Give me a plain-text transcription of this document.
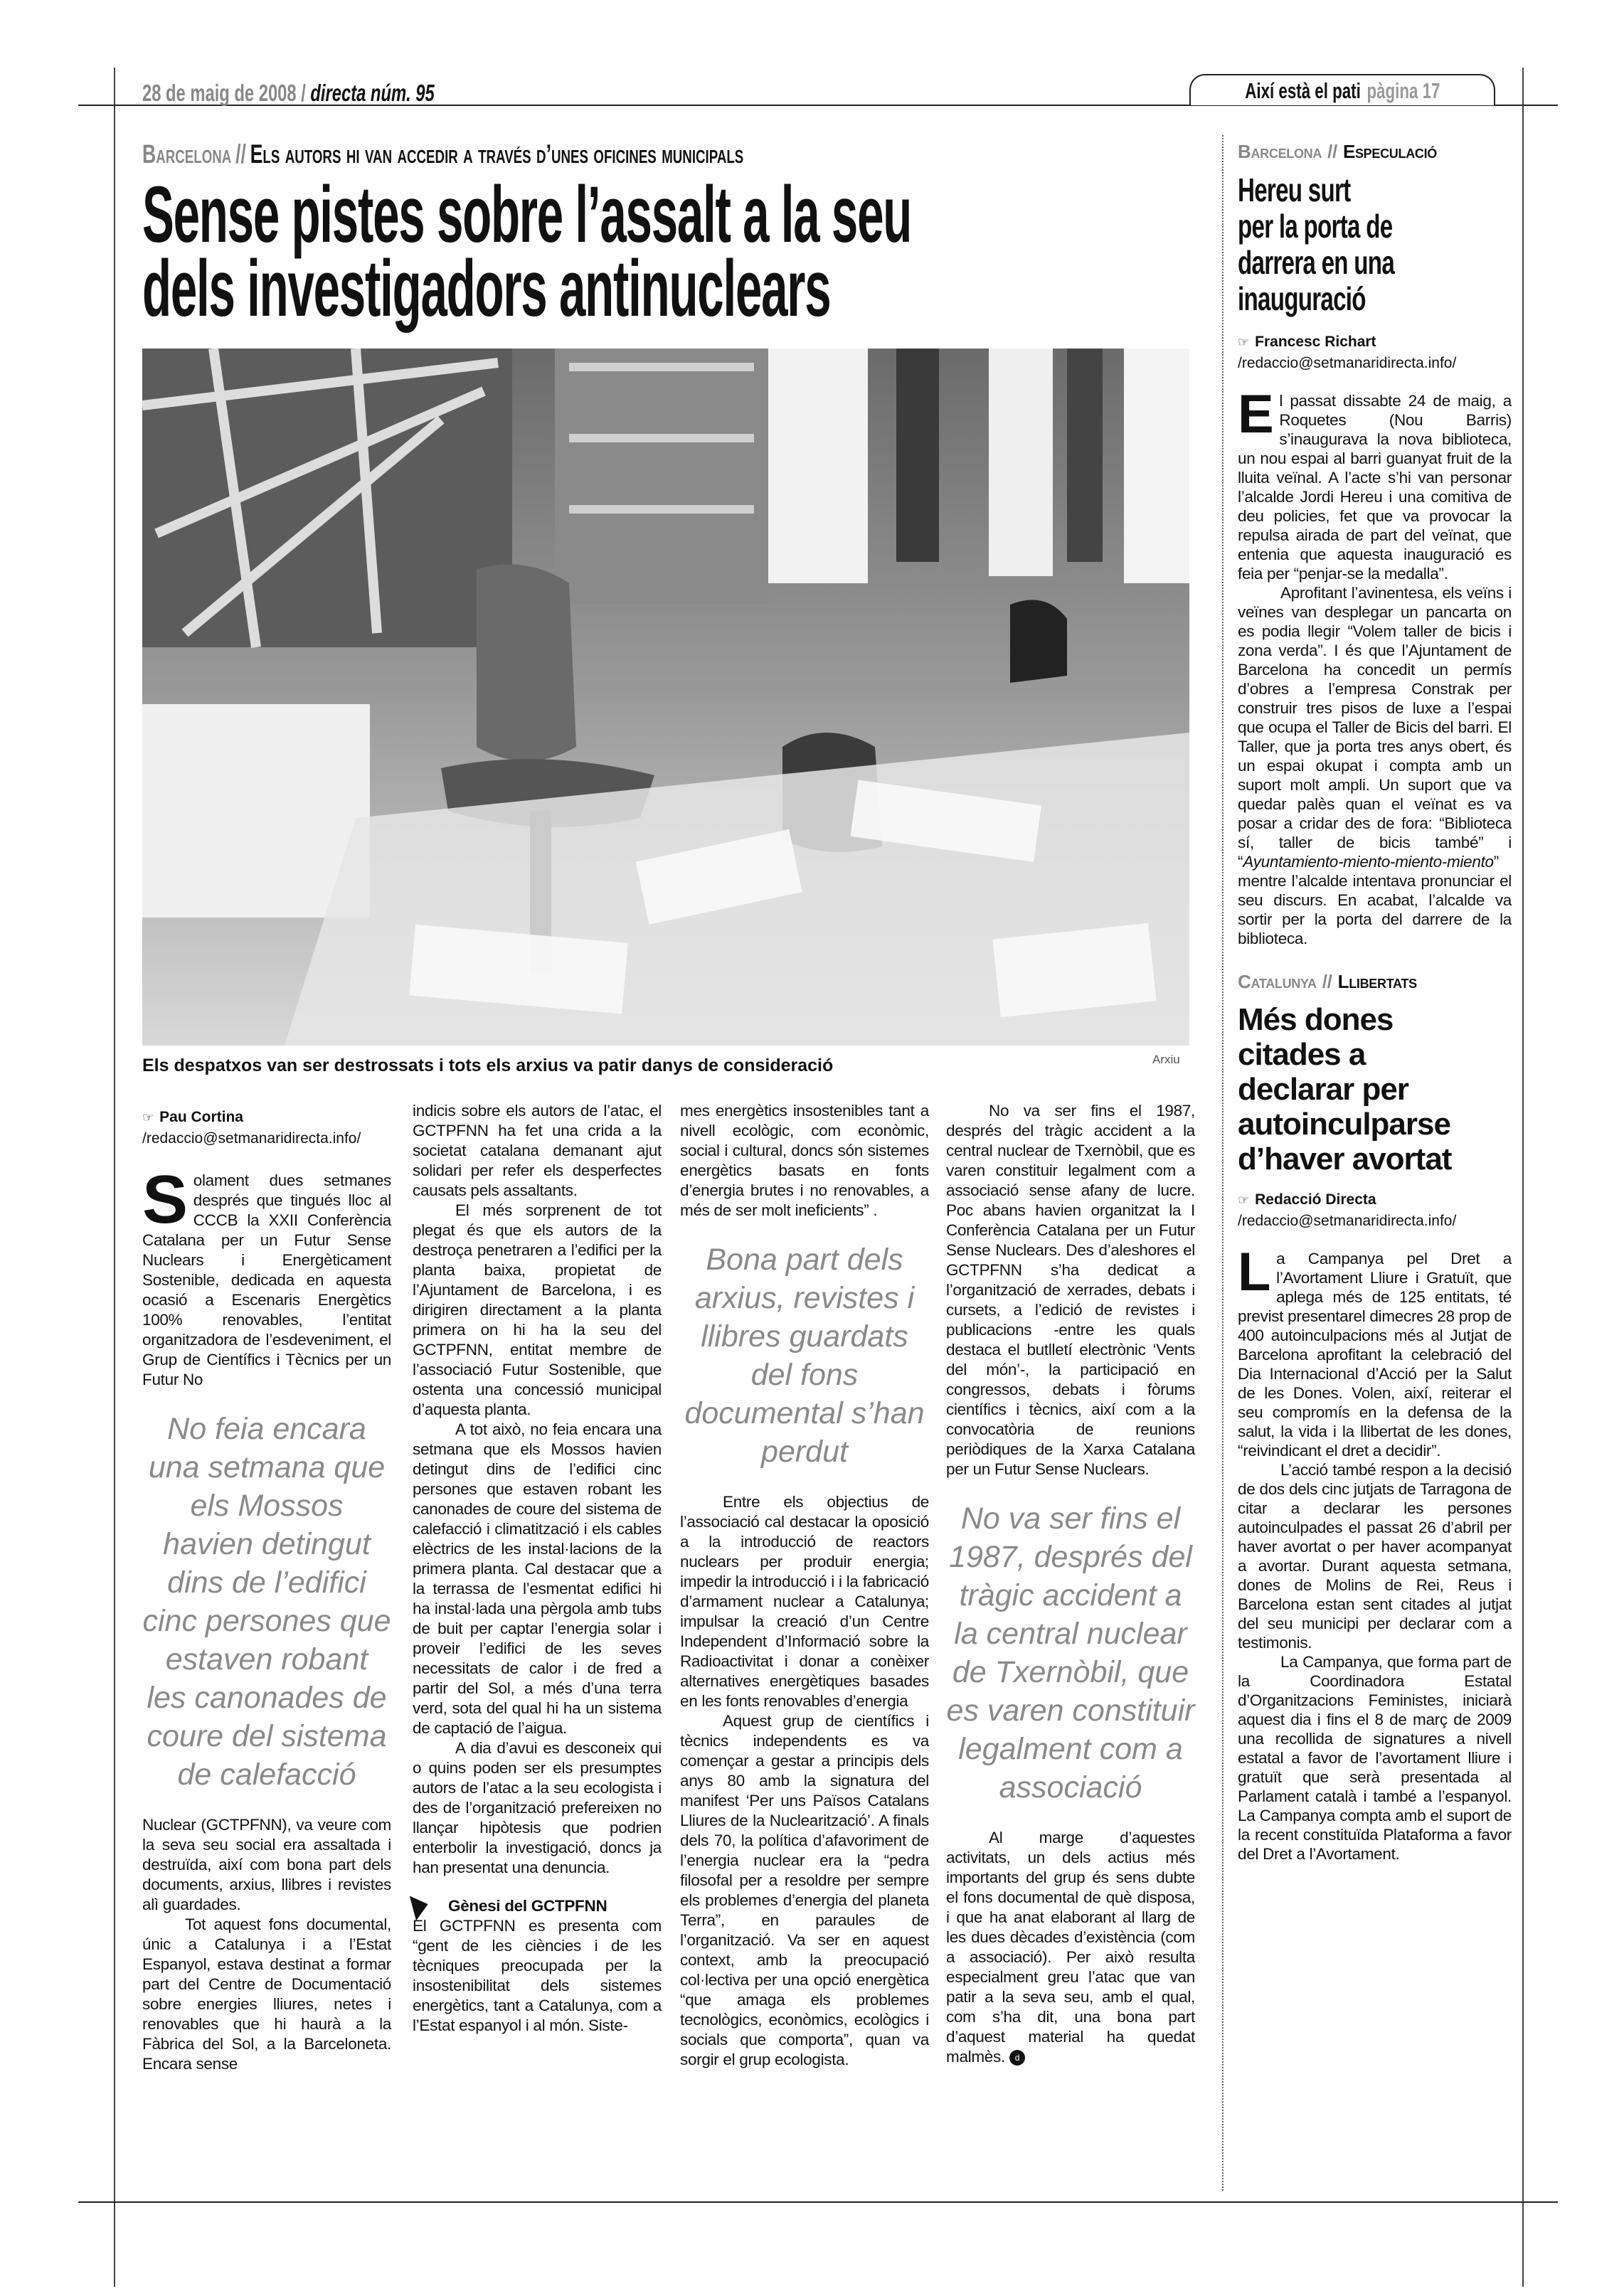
28 de maig de 2008 / directa núm. 95	Així està el pati pàgina 17
Barcelona // Els autors hi van accedir a través d’unes oficines municipals
Sense pistes sobre l’assalt a la seu
dels investigadors antinuclears
Els despatxos van ser destrossats i tots els arxius va patir danys de consideració	Arxiu
☞ Pau Cortina
/redaccio@setmanaridirecta.info/

Solament dues setmanes després que tingués lloc al CCCB la XXII Conferència Catalana per un Futur Sense Nuclears i Energèticament Sostenible, dedicada en aquesta ocasió a Escenaris Energètics 100% renovables, l’entitat organitzadora de l’esdeveniment, el Grup de Científics i Tècnics per un Futur No

No feia encara una setmana que els Mossos havien detingut dins de l’edifici cinc persones que estaven robant les canonades de coure del sistema de calefacció

Nuclear (GCTPFNN), va veure com la seva seu social era assaltada i destruïda, així com bona part dels documents, arxius, llibres i revistes alì guardades.

Tot aquest fons documental, únic a Catalunya i a l’Estat Espanyol, estava destinat a formar part del Centre de Documentació sobre energies lliures, netes i renovables que hi haurà a la Fàbrica del Sol, a la Barceloneta. Encara sense

indicis sobre els autors de l’atac, el GCTPFNN ha fet una crida a la societat catalana demanant ajut solidari per refer els desperfectes causats pels assaltants.

El més sorprenent de tot plegat és que els autors de la destroça penetraren a l’edifici per la planta baixa, propietat de l’Ajuntament de Barcelona, i es dirigiren directament a la planta primera on hi ha la seu del GCTPFNN, entitat membre de l’associació Futur Sostenible, que ostenta una concessió municipal d’aquesta planta.

A tot això, no feia encara una setmana que els Mossos havien detingut dins de l’edifici cinc persones que estaven robant les canonades de coure del sistema de calefacció i climatització i els cables elèctrics de les instal·lacions de la primera planta. Cal destacar que a la terrassa de l’esmentat edifici hi ha instal·lada una pèrgola amb tubs de buit per captar l’energia solar i proveir l’edifici de les seves necessitats de calor i de fred a partir del Sol, a més d’una terra verd, sota del qual hi ha un sistema de captació de l’aigua.

A dia d’avui es desconeix qui o quins poden ser els presumptes autors de l’atac a la seu ecologista i des de l’organització prefereixen no llançar hipòtesis que podrien enterbolir la investigació, doncs ja han presentat una denuncia.

Gènesi del GCTPFNN

El GCTPFNN es presenta com “gent de les ciències i de les tècniques preocupada per la insostenibilitat dels sistemes energètics, tant a Catalunya, com a l’Estat espanyol i al món. Siste-

mes energètics insostenibles tant a nivell ecològic, com econòmic, social i cultural, doncs són sistemes energètics basats en fonts d’energia brutes i no renovables, a més de ser molt ineficients” .

Bona part dels arxius, revistes i llibres guardats del fons documental s’han perdut

Entre els objectius de l’associació cal destacar la oposició a la introducció de reactors nuclears per produir energia; impedir la introducció i i la fabricació d’armament nuclear a Catalunya; impulsar la creació d’un Centre Independent d’Informació sobre la Radioactivitat i donar a conèixer alternatives energètiques basades en les fonts renovables d’energia

Aquest grup de científics i tècnics independents es va començar a gestar a principis dels anys 80 amb la signatura del manifest ‘Per uns Països Catalans Lliures de la Nuclearització’. A finals dels 70, la política d’afavoriment de l’energia nuclear era la “pedra filosofal per a resoldre per sempre els problemes d’energia del planeta Terra”, en paraules de l’organització. Va ser en aquest context, amb la preocupació col·lectiva per una opció energètica “que amaga els problemes tecnològics, econòmics, ecològics i socials que comporta”, quan va sorgir el grup ecologista.

No va ser fins el 1987, després del tràgic accident a la central nuclear de Txernòbil, que es varen constituir legalment com a associació sense afany de lucre. Poc abans havien organitzat la I Conferència Catalana per un Futur Sense Nuclears. Des d’aleshores el GCTPFNN s’ha dedicat a l’organització de xerrades, debats i cursets, a l’edició de revistes i publicacions -entre les quals destaca el butlletí electrònic ‘Vents del món’-, la participació en congressos, debats i fòrums científics i tècnics, així com a la convocatòria de reunions periòdiques de la Xarxa Catalana per un Futur Sense Nuclears.

No va ser fins el 1987, després del tràgic accident a la central nuclear de Txernòbil, que es varen constituir legalment com a associació

Al marge d’aquestes activitats, un dels actius més importants del grup és sens dubte el fons documental de què disposa, i que ha anat elaborant al llarg de les dues dècades d’existència (com a associació). Per això resulta especialment greu l’atac que van patir a la seva seu, amb el qual, com s’ha dit, una bona part d’aquest material ha quedat malmès. d

Barcelona // Especulació
Hereu surt
per la porta de
darrera en una
inauguració
☞ Francesc Richart
/redaccio@setmanaridirecta.info/

El passat dissabte 24 de maig, a Roquetes (Nou Barris) s’inaugurava la nova biblioteca, un nou espai al barri guanyat fruit de la lluita veïnal. A l’acte s’hi van personar l’alcalde Jordi Hereu i una comitiva de deu policies, fet que va provocar la repulsa airada de part del veïnat, que entenia que aquesta inauguració es feia per “penjar-se la medalla”.

Aprofitant l’avinentesa, els veïns i veïnes van desplegar un pancarta on es podia llegir “Volem taller de bicis i zona verda”. I és que l’Ajuntament de Barcelona ha concedit un permís d’obres a l’empresa Constrak per construir tres pisos de luxe a l’espai que ocupa el Taller de Bicis del barri. El Taller, que ja porta tres anys obert, és un espai okupat i compta amb un suport molt ampli. Un suport que va quedar palès quan el veïnat es va posar a cridar des de fora: “Biblioteca sí, taller de bicis també” i “Ayuntamiento-miento-miento-miento” mentre l’alcalde intentava pronunciar el seu discurs. En acabat, l’alcalde va sortir per la porta del darrere de la biblioteca.

Catalunya // Llibertats
Més dones
citades a
declarar per
autoinculparse
d’haver avortat
☞ Redacció Directa
/redaccio@setmanaridirecta.info/

La Campanya pel Dret a l’Avortament Lliure i Gratuït, que aplega més de 125 entitats, té previst presentarel dimecres 28 prop de 400 autoinculpacions més al Jutjat de Barcelona aprofitant la celebració del Dia Internacional d’Acció per la Salut de les Dones. Volen, així, reiterar el seu compromís en la defensa de la salut, la vida i la llibertat de les dones, “reivindicant el dret a decidir”.

L’acció també respon a la decisió de dos dels cinc jutjats de Tarragona de citar a declarar les persones autoinculpades el passat 26 d’abril per haver avortat o per haver acompanyat a avortar. Durant aquesta setmana, dones de Molins de Rei, Reus i Barcelona estan sent citades al jutjat del seu municipi per declarar com a testimonis.

La Campanya, que forma part de la Coordinadora Estatal d’Organitzacions Feministes, iniciarà aquest dia i fins el 8 de març de 2009 una recollida de signatures a nivell estatal a favor de l’avortament lliure i gratuït que serà presentada al Parlament català i també a l’espanyol. La Campanya compta amb el suport de la recent constituïda Plataforma a favor del Dret a l’Avortament.
